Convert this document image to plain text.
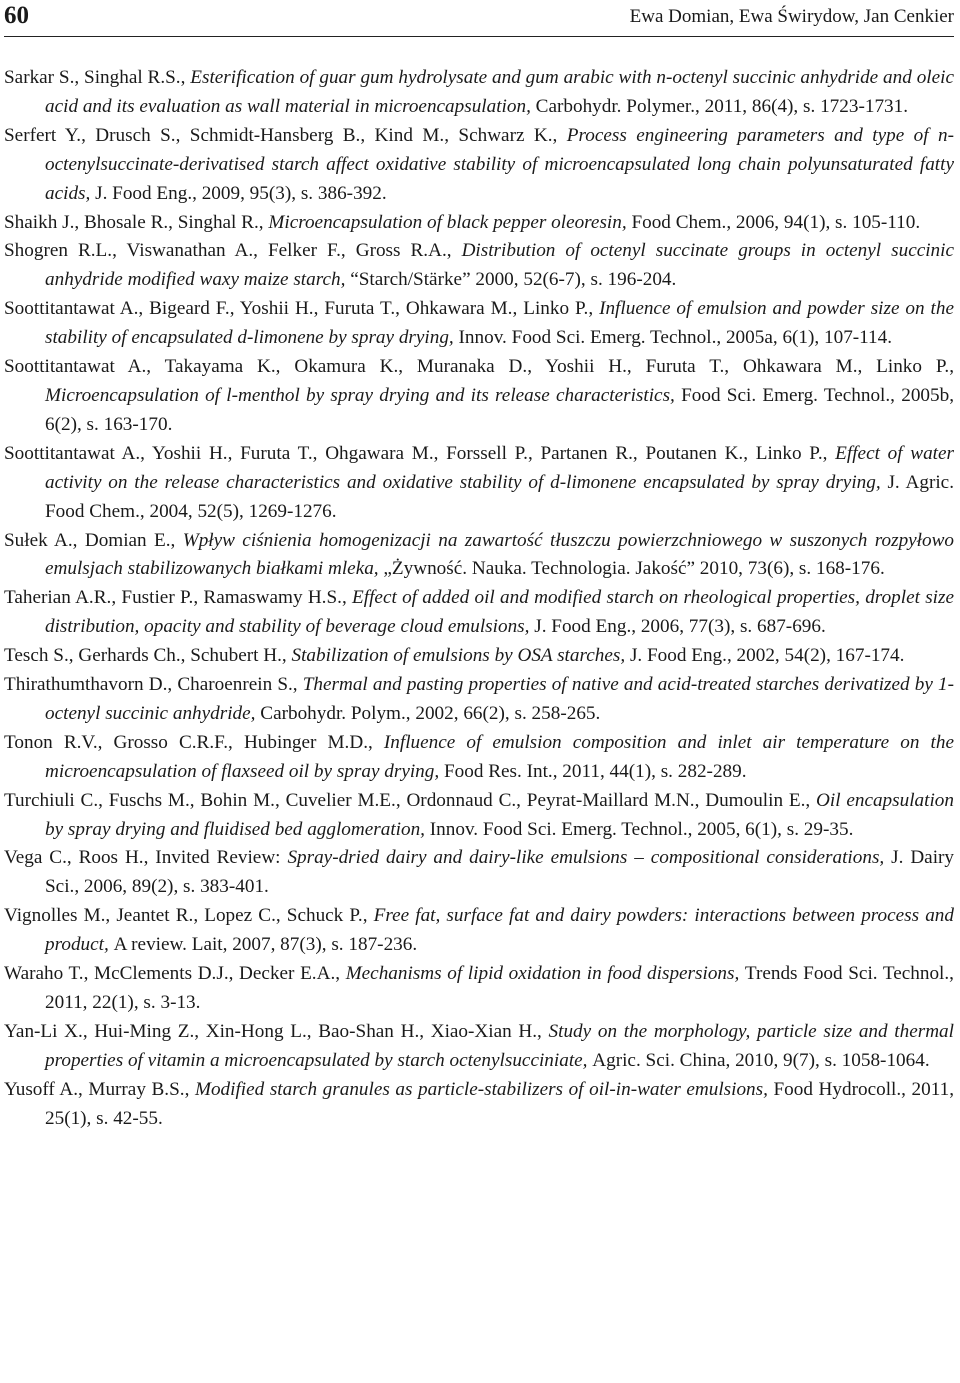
60	Ewa Domian, Ewa Świrydow, Jan Cenkier

Sarkar S., Singhal R.S., Esterification of guar gum hydrolysate and gum arabic with n-octenyl succinic anhydride and oleic acid and its evaluation as wall material in microencapsulation, Carbohydr. Polymer., 2011, 86(4), s. 1723-1731.

Serfert Y., Drusch S., Schmidt-Hansberg B., Kind M., Schwarz K., Process engineering parameters and type of n-octenylsuccinate-derivatised starch affect oxidative stability of microencapsulated long chain polyunsaturated fatty acids, J. Food Eng., 2009, 95(3), s. 386-392.

Shaikh J., Bhosale R., Singhal R., Microencapsulation of black pepper oleoresin, Food Chem., 2006, 94(1), s. 105-110.

Shogren R.L., Viswanathan A., Felker F., Gross R.A., Distribution of octenyl succinate groups in octenyl succinic anhydride modified waxy maize starch, “Starch/Stärke” 2000, 52(6-7), s. 196-204.

Soottitantawat A., Bigeard F., Yoshii H., Furuta T., Ohkawara M., Linko P., Influence of emulsion and powder size on the stability of encapsulated d-limonene by spray drying, Innov. Food Sci. Emerg. Technol., 2005a, 6(1), 107-114.

Soottitantawat A., Takayama K., Okamura K., Muranaka D., Yoshii H., Furuta T., Ohkawara M., Linko P., Microencapsulation of l-menthol by spray drying and its release characteristics, Food Sci. Emerg. Technol., 2005b, 6(2), s. 163-170.

Soottitantawat A., Yoshii H., Furuta T., Ohgawara M., Forssell P., Partanen R., Poutanen K., Linko P., Effect of water activity on the release characteristics and oxidative stability of d-limonene encapsulated by spray drying, J. Agric. Food Chem., 2004, 52(5), 1269-1276.

Sułek A., Domian E., Wpływ ciśnienia homogenizacji na zawartość tłuszczu powierzchniowego w suszonych rozpyłowo emulsjach stabilizowanych białkami mleka, „Żywność. Nauka. Technologia. Jakość” 2010, 73(6), s. 168-176.

Taherian A.R., Fustier P., Ramaswamy H.S., Effect of added oil and modified starch on rheological properties, droplet size distribution, opacity and stability of beverage cloud emulsions, J. Food Eng., 2006, 77(3), s. 687-696.

Tesch S., Gerhards Ch., Schubert H., Stabilization of emulsions by OSA starches, J. Food Eng., 2002, 54(2), 167-174.

Thirathumthavorn D., Charoenrein S., Thermal and pasting properties of native and acid-treated starches derivatized by 1-octenyl succinic anhydride, Carbohydr. Polym., 2002, 66(2), s. 258-265.

Tonon R.V., Grosso C.R.F., Hubinger M.D., Influence of emulsion composition and inlet air temperature on the microencapsulation of flaxseed oil by spray drying, Food Res. Int., 2011, 44(1), s. 282-289.

Turchiuli C., Fuschs M., Bohin M., Cuvelier M.E., Ordonnaud C., Peyrat-Maillard M.N., Dumoulin E., Oil encapsulation by spray drying and fluidised bed agglomeration, Innov. Food Sci. Emerg. Technol., 2005, 6(1), s. 29-35.

Vega C., Roos H., Invited Review: Spray-dried dairy and dairy-like emulsions – compositional considerations, J. Dairy Sci., 2006, 89(2), s. 383-401.

Vignolles M., Jeantet R., Lopez C., Schuck P., Free fat, surface fat and dairy powders: interactions between process and product, A review. Lait, 2007, 87(3), s. 187-236.

Waraho T., McClements D.J., Decker E.A., Mechanisms of lipid oxidation in food dispersions, Trends Food Sci. Technol., 2011, 22(1), s. 3-13.

Yan-Li X., Hui-Ming Z., Xin-Hong L., Bao-Shan H., Xiao-Xian H., Study on the morphology, particle size and thermal properties of vitamin a microencapsulated by starch octenylsucciniate, Agric. Sci. China, 2010, 9(7), s. 1058-1064.

Yusoff A., Murray B.S., Modified starch granules as particle-stabilizers of oil-in-water emulsions, Food Hydrocoll., 2011, 25(1), s. 42-55.
